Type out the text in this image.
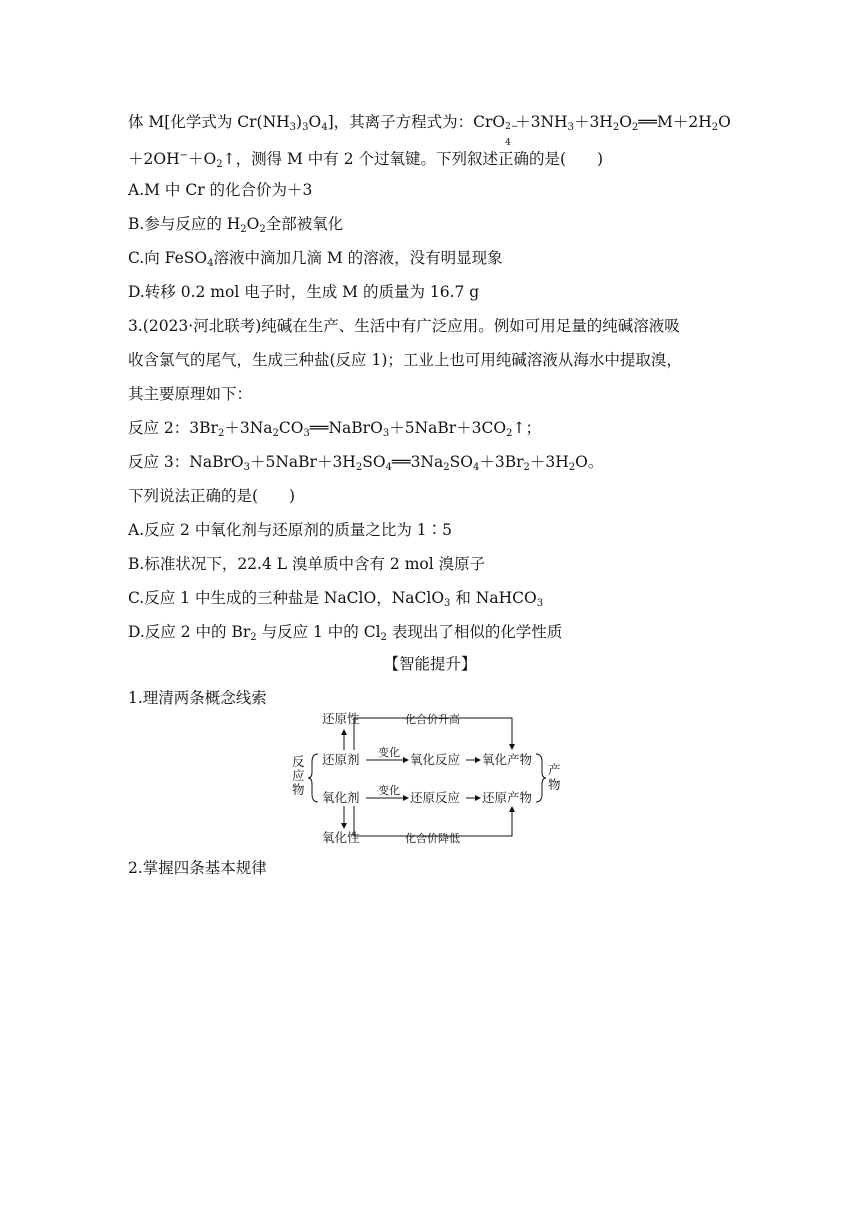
体 M[化学式为 $Cr(NH_3)_3O_4$]，其离子方程式为：CrO 2−
4
$+3NH_3+3H_2O_2══M+2H_2O$
$+2OH^-+O_2↑$，测得 M 中有 2 个过氧键。下列叙述正确的是(　　)
A.M 中 Cr 的化合价为＋3
B.参与反应的 $H_2O_2$全部被氧化
C.向 FeSO$_4$溶液中滴加几滴 M 的溶液，没有明显现象
D.转移 0.2 mol 电子时，生成 M 的质量为 16.7 g
3.(2023·河北联考)纯碱在生产、生活中有广泛应用。例如可用足量的纯碱溶液吸
收含氯气的尾气，生成三种盐(反应 1)；工业上也可用纯碱溶液从海水中提取溴，
其主要原理如下：
反应 2：$3Br_2+3Na_2CO_3══NaBrO_3+5NaBr+3CO_2↑$；
反应 3：$NaBrO_3+5NaBr+3H_2SO_4══3Na_2SO_4+3Br_2+3H_2O$。
下列说法正确的是(　　)
A.反应 2 中氧化剂与还原剂的质量之比为 1∶5
B.标准状况下，22.4 L 溴单质中含有 2 mol 溴原子
C.反应 1 中生成的三种盐是 NaClO，NaClO$_3$ 和 NaHCO$_3$
D.反应 2 中的 $Br_2$ 与反应 1 中的 $Cl_2$ 表现出了相似的化学性质
【智能提升】
1.理清两条概念线索
还原性	化合价升高
还原剂 变化 氧化反应 氧化产物
氧化剂 变化 还原反应 还原产物
氧化性	化合价降低
反
应
物
产
物
2.掌握四条基本规律
